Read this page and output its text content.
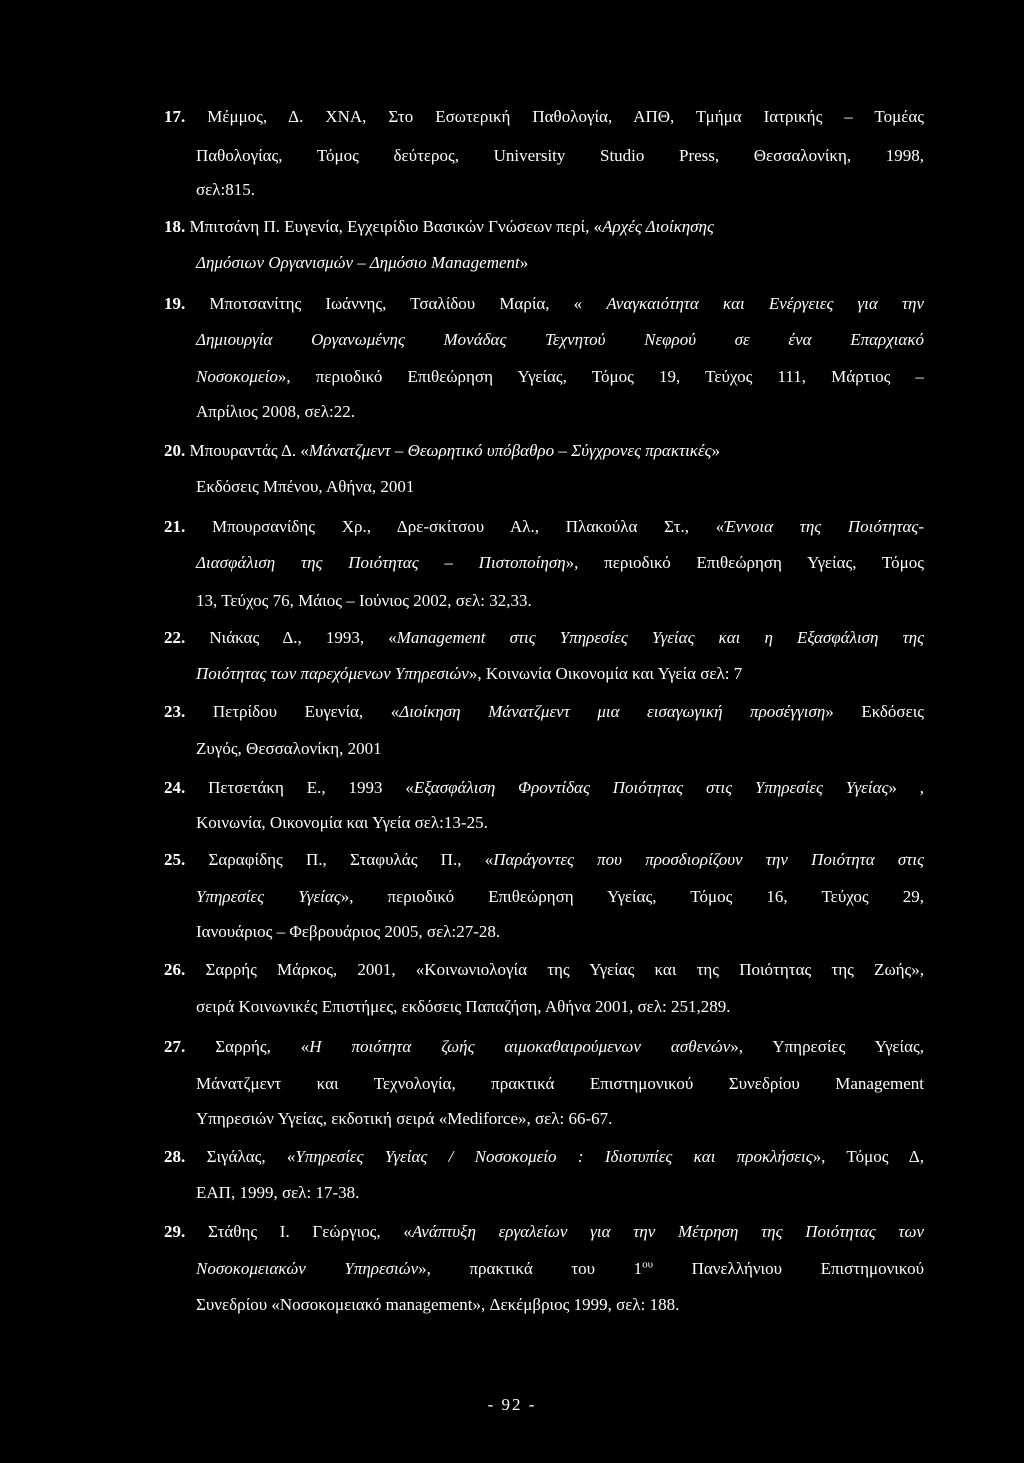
17. Μέμμος, Δ. ΧΝΑ, Στο Εσωτερική Παθολογία, ΑΠΘ, Τμήμα Ιατρικής – Τομέας
Παθολογίας, Τόμος δεύτερος, University Studio Press, Θεσσαλονίκη, 1998,
σελ:815.
18. Μπιτσάνη Π. Ευγενία, Εγχειρίδιο Βασικών Γνώσεων περί, «Αρχές Διοίκησης
Δημόσιων Οργανισμών – Δημόσιο Management»
19. Μποτσανίτης Ιωάννης, Τσαλίδου Μαρία, « Αναγκαιότητα και Ενέργειες για την
Δημιουργία Οργανωμένης Μονάδας Τεχνητού Νεφρού σε ένα Επαρχιακό
Νοσοκομείο», περιοδικό Επιθεώρηση Υγείας, Τόμος 19, Τεύχος 111, Μάρτιος –
Απρίλιος 2008, σελ:22.
20. Μπουραντάς Δ. «Μάνατζμεντ – Θεωρητικό υπόβαθρο – Σύγχρονες πρακτικές»
Εκδόσεις Μπένου, Αθήνα, 2001
21. Μπουρσανίδης Χρ., Δρε-σκίτσου Αλ., Πλακούλα Στ., «Έννοια της Ποιότητας-
Διασφάλιση της Ποιότητας – Πιστοποίηση», περιοδικό Επιθεώρηση Υγείας, Τόμος
13, Τεύχος 76, Μάιος – Ιούνιος 2002, σελ: 32,33.
22. Νιάκας Δ., 1993, «Management στις Υπηρεσίες Υγείας και η Εξασφάλιση της
Ποιότητας των παρεχόμενων Υπηρεσιών», Κοινωνία Οικονομία και Υγεία σελ: 7
23. Πετρίδου Ευγενία, «Διοίκηση Μάνατζμεντ μια εισαγωγική προσέγγιση» Εκδόσεις
Ζυγός, Θεσσαλονίκη, 2001
24. Πετσετάκη Ε., 1993 «Εξασφάλιση Φροντίδας Ποιότητας στις Υπηρεσίες Υγείας» ,
Κοινωνία, Οικονομία και Υγεία σελ:13-25.
25. Σαραφίδης Π., Σταφυλάς Π., «Παράγοντες που προσδιορίζουν την Ποιότητα στις
Υπηρεσίες Υγείας», περιοδικό Επιθεώρηση Υγείας, Τόμος 16, Τεύχος 29,
Ιανουάριος – Φεβρουάριος 2005, σελ:27-28.
26. Σαρρής Μάρκος, 2001, «Κοινωνιολογία της Υγείας και της Ποιότητας της Ζωής»,
σειρά Κοινωνικές Επιστήμες, εκδόσεις Παπαζήση, Αθήνα 2001, σελ: 251,289.
27. Σαρρής, «Η ποιότητα ζωής αιμοκαθαιρούμενων ασθενών», Υπηρεσίες Υγείας,
Μάνατζμεντ και Τεχνολογία, πρακτικά Επιστημονικού Συνεδρίου Management
Υπηρεσιών Υγείας, εκδοτική σειρά «Mediforce», σελ: 66-67.
28. Σιγάλας, «Υπηρεσίες Υγείας / Νοσοκομείο : Ιδιοτυπίες και προκλήσεις», Τόμος Δ,
ΕΑΠ, 1999, σελ: 17-38.
29. Στάθης Ι. Γεώργιος, «Ανάπτυξη εργαλείων για την Μέτρηση της Ποιότητας των
Νοσοκομειακών Υπηρεσιών», πρακτικά του $1^{o\upsilon}$ Πανελλήνιου Επιστημονικού
Συνεδρίου «Νοσοκομειακό management», Δεκέμβριος 1999, σελ: 188.
- 92 -
